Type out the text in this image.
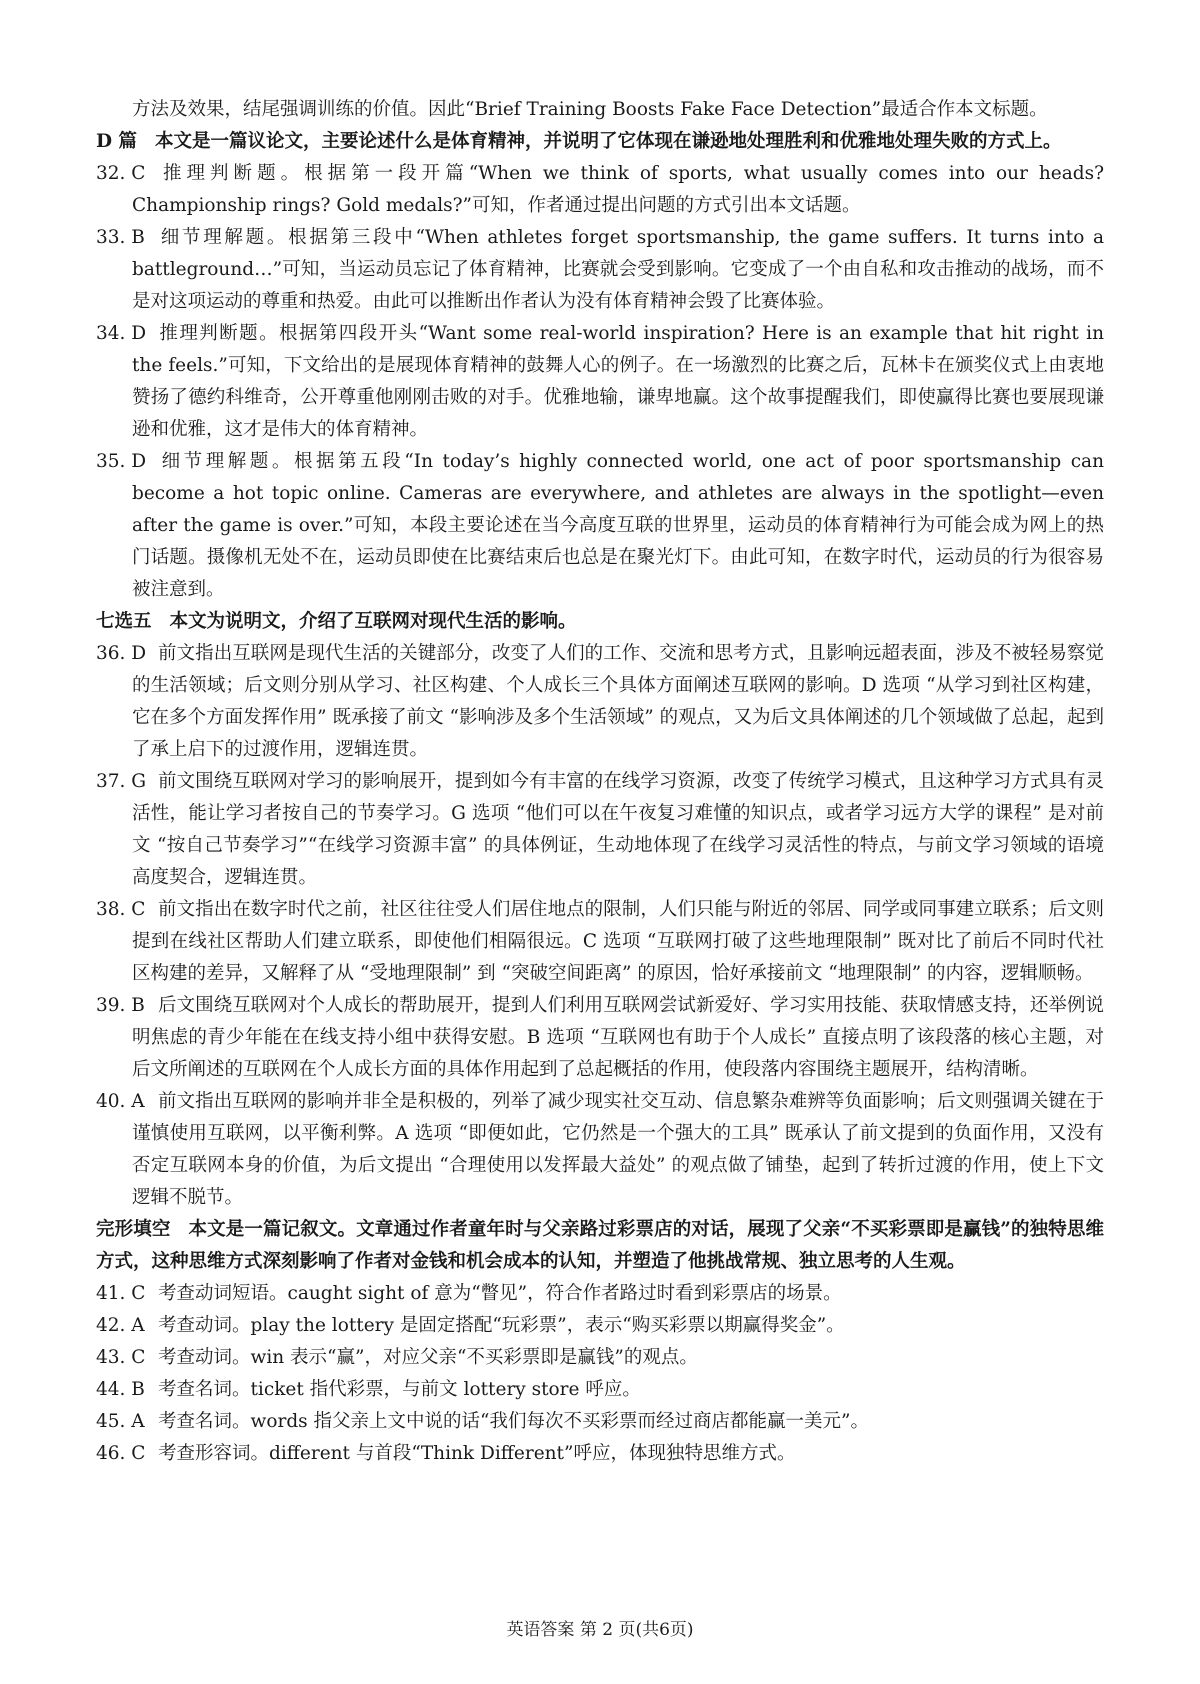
方法及效果，结尾强调训练的价值。因此“Brief Training Boosts Fake Face Detection”最适合作本文标题。

D 篇 本文是一篇议论文，主要论述什么是体育精神，并说明了它体现在谦逊地处理胜利和优雅地处理失败的方式上。

32. C 推理判断题。根据第一段开篇“When we think of sports, what usually comes into our heads? Championship rings? Gold medals?”可知，作者通过提出问题的方式引出本文话题。

33. B 细节理解题。根据第三段中“When athletes forget sportsmanship, the game suffers. It turns into a battleground…”可知，当运动员忘记了体育精神，比赛就会受到影响。它变成了一个由自私和攻击推动的战场，而不是对这项运动的尊重和热爱。由此可以推断出作者认为没有体育精神会毁了比赛体验。

34. D 推理判断题。根据第四段开头“Want some real-world inspiration? Here is an example that hit right in the feels.”可知，下文给出的是展现体育精神的鼓舞人心的例子。在一场激烈的比赛之后，瓦林卡在颁奖仪式上由衷地赞扬了德约科维奇，公开尊重他刚刚击败的对手。优雅地输，谦卑地赢。这个故事提醒我们，即使赢得比赛也要展现谦逊和优雅，这才是伟大的体育精神。

35. D 细节理解题。根据第五段“In today’s highly connected world, one act of poor sportsmanship can become a hot topic online. Cameras are everywhere, and athletes are always in the spotlight—even after the game is over.”可知，本段主要论述在当今高度互联的世界里，运动员的体育精神行为可能会成为网上的热门话题。摄像机无处不在，运动员即使在比赛结束后也总是在聚光灯下。由此可知，在数字时代，运动员的行为很容易被注意到。

七选五 本文为说明文，介绍了互联网对现代生活的影响。

36. D 前文指出互联网是现代生活的关键部分，改变了人们的工作、交流和思考方式，且影响远超表面，涉及不被轻易察觉的生活领域；后文则分别从学习、社区构建、个人成长三个具体方面阐述互联网的影响。D 选项 “从学习到社区构建，它在多个方面发挥作用” 既承接了前文 “影响涉及多个生活领域” 的观点，又为后文具体阐述的几个领域做了总起，起到了承上启下的过渡作用，逻辑连贯。

37. G 前文围绕互联网对学习的影响展开，提到如今有丰富的在线学习资源，改变了传统学习模式，且这种学习方式具有灵活性，能让学习者按自己的节奏学习。G 选项 “他们可以在午夜复习难懂的知识点，或者学习远方大学的课程” 是对前文 “按自己节奏学习”“在线学习资源丰富” 的具体例证，生动地体现了在线学习灵活性的特点，与前文学习领域的语境高度契合，逻辑连贯。

38. C 前文指出在数字时代之前，社区往往受人们居住地点的限制，人们只能与附近的邻居、同学或同事建立联系；后文则提到在线社区帮助人们建立联系，即使他们相隔很远。C 选项 “互联网打破了这些地理限制” 既对比了前后不同时代社区构建的差异，又解释了从 “受地理限制” 到 “突破空间距离” 的原因，恰好承接前文 “地理限制” 的内容，逻辑顺畅。

39. B 后文围绕互联网对个人成长的帮助展开，提到人们利用互联网尝试新爱好、学习实用技能、获取情感支持，还举例说明焦虑的青少年能在在线支持小组中获得安慰。B 选项 “互联网也有助于个人成长” 直接点明了该段落的核心主题，对后文所阐述的互联网在个人成长方面的具体作用起到了总起概括的作用，使段落内容围绕主题展开，结构清晰。

40. A 前文指出互联网的影响并非全是积极的，列举了减少现实社交互动、信息繁杂难辨等负面影响；后文则强调关键在于谨慎使用互联网，以平衡利弊。A 选项 “即便如此，它仍然是一个强大的工具” 既承认了前文提到的负面作用，又没有否定互联网本身的价值，为后文提出 “合理使用以发挥最大益处” 的观点做了铺垫，起到了转折过渡的作用，使上下文逻辑不脱节。

完形填空 本文是一篇记叙文。文章通过作者童年时与父亲路过彩票店的对话，展现了父亲“不买彩票即是赢钱”的独特思维方式，这种思维方式深刻影响了作者对金钱和机会成本的认知，并塑造了他挑战常规、独立思考的人生观。

41. C 考查动词短语。caught sight of 意为“瞥见”，符合作者路过时看到彩票店的场景。

42. A 考查动词。play the lottery 是固定搭配“玩彩票”，表示“购买彩票以期赢得奖金”。

43. C 考查动词。win 表示“赢”，对应父亲“不买彩票即是赢钱”的观点。

44. B 考查名词。ticket 指代彩票，与前文 lottery store 呼应。

45. A 考查名词。words 指父亲上文中说的话“我们每次不买彩票而经过商店都能赢一美元”。

46. C 考查形容词。different 与首段“Think Different”呼应，体现独特思维方式。

英语答案 第 2 页(共6页)
